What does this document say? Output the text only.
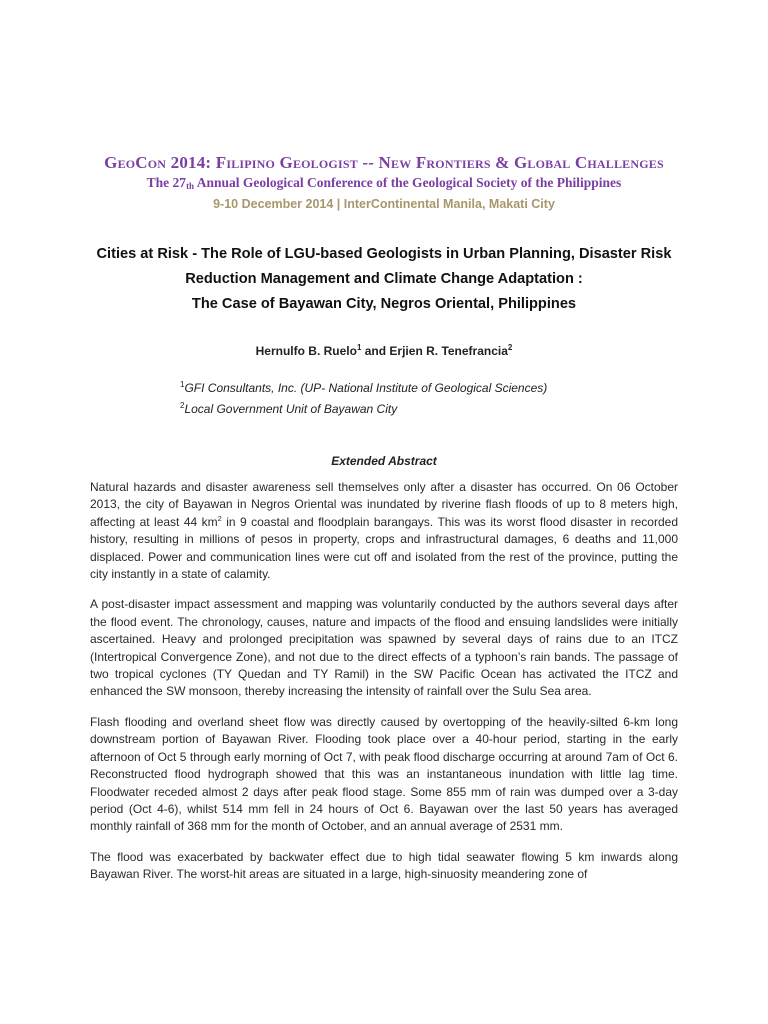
GeoCon 2014: Filipino Geologist -- New Frontiers & Global Challenges
The $27_{th}$ Annual Geological Conference of the Geological Society of the Philippines
9-10 December 2014 | InterContinental Manila, Makati City
Cities at Risk - The Role of LGU-based Geologists in Urban Planning, Disaster Risk
Reduction Management and Climate Change Adaptation :
The Case of Bayawan City, Negros Oriental, Philippines
Hernulfo B. Ruelo$^1$ and Erjien R. Tenefrancia$^2$
$^1$GFI Consultants, Inc. (UP- National Institute of Geological Sciences)
$^2$Local Government Unit of Bayawan City
Extended Abstract

Natural hazards and disaster awareness sell themselves only after a disaster has occurred. On 06 October 2013, the city of Bayawan in Negros Oriental was inundated by riverine flash floods of up to 8 meters high, affecting at least 44 $km^2$ in 9 coastal and floodplain barangays. This was its worst flood disaster in recorded history, resulting in millions of pesos in property, crops and infrastructural damages, 6 deaths and 11,000 displaced. Power and communication lines were cut off and isolated from the rest of the province, putting the city instantly in a state of calamity.

A post-disaster impact assessment and mapping was voluntarily conducted by the authors several days after the flood event. The chronology, causes, nature and impacts of the flood and ensuing landslides were initially ascertained. Heavy and prolonged precipitation was spawned by several days of rains due to an ITCZ (Intertropical Convergence Zone), and not due to the direct effects of a typhoon’s rain bands. The passage of two tropical cyclones (TY Quedan and TY Ramil) in the SW Pacific Ocean has activated the ITCZ and enhanced the SW monsoon, thereby increasing the intensity of rainfall over the Sulu Sea area.

Flash flooding and overland sheet flow was directly caused by overtopping of the heavily-silted 6-km long downstream portion of Bayawan River. Flooding took place over a 40-hour period, starting in the early afternoon of Oct 5 through early morning of Oct 7, with peak flood discharge occurring at around 7am of Oct 6. Reconstructed flood hydrograph showed that this was an instantaneous inundation with little lag time. Floodwater receded almost 2 days after peak flood stage. Some 855 mm of rain was dumped over a 3-day period (Oct 4-6), whilst 514 mm fell in 24 hours of Oct 6. Bayawan over the last 50 years has averaged monthly rainfall of 368 mm for the month of October, and an annual average of 2531 mm.

The flood was exacerbated by backwater effect due to high tidal seawater flowing 5 km inwards along Bayawan River. The worst-hit areas are situated in a large, high-sinuosity meandering zone of
